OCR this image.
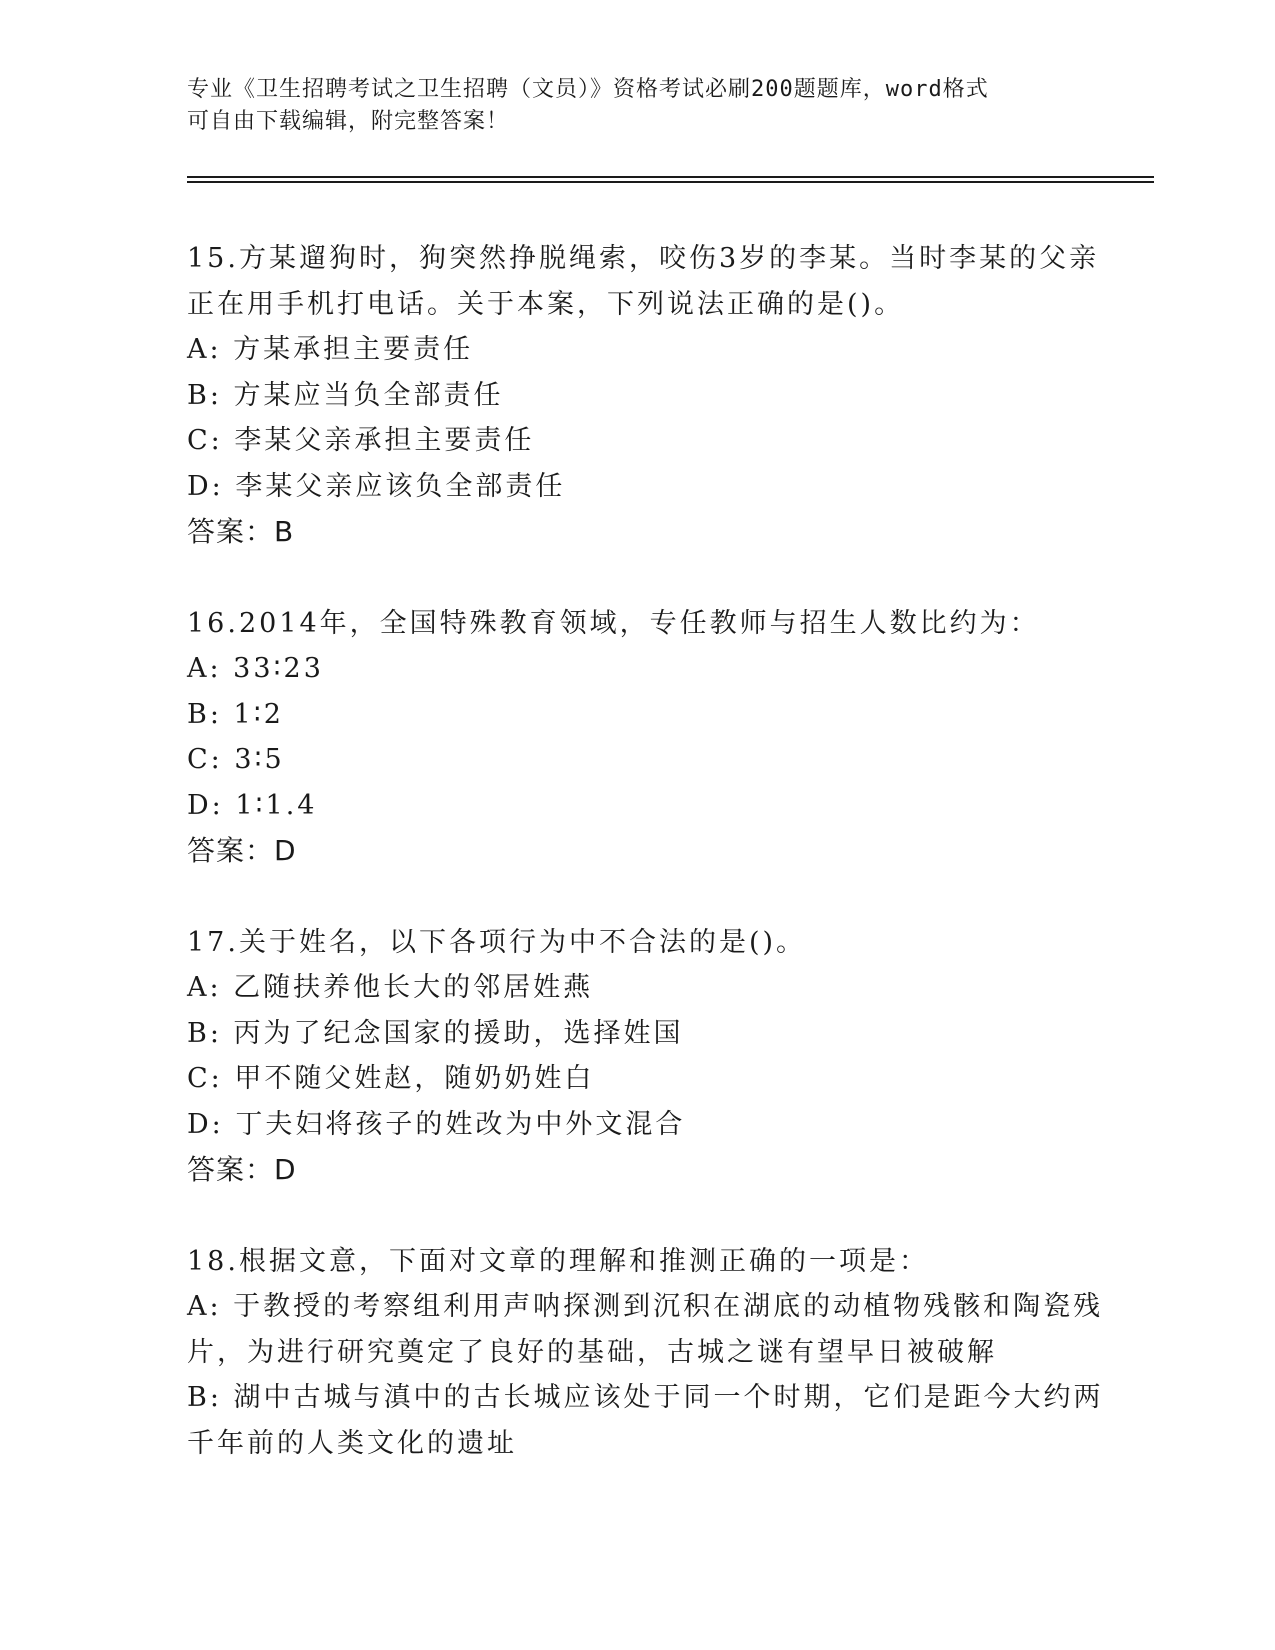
专业《卫生招聘考试之卫生招聘（文员）》资格考试必刷200题题库，word格式
可自由下载编辑，附完整答案！
15.方某遛狗时，狗突然挣脱绳索，咬伤3岁的李某。当时李某的父亲
正在用手机打电话。关于本案，下列说法正确的是()。
A: 方某承担主要责任
B: 方某应当负全部责任
C: 李某父亲承担主要责任
D: 李某父亲应该负全部责任
答案：B
16.2014年，全国特殊教育领域，专任教师与招生人数比约为：
A: 33∶23
B: 1∶2
C: 3∶5
D: 1∶1.4
答案：D
17.关于姓名，以下各项行为中不合法的是()。
A: 乙随扶养他长大的邻居姓燕
B: 丙为了纪念国家的援助，选择姓国
C: 甲不随父姓赵，随奶奶姓白
D: 丁夫妇将孩子的姓改为中外文混合
答案：D
18.根据文意，下面对文章的理解和推测正确的一项是：
A: 于教授的考察组利用声呐探测到沉积在湖底的动植物残骸和陶瓷残
片，为进行研究奠定了良好的基础，古城之谜有望早日被破解
B: 湖中古城与滇中的古长城应该处于同一个时期，它们是距今大约两
千年前的人类文化的遗址
